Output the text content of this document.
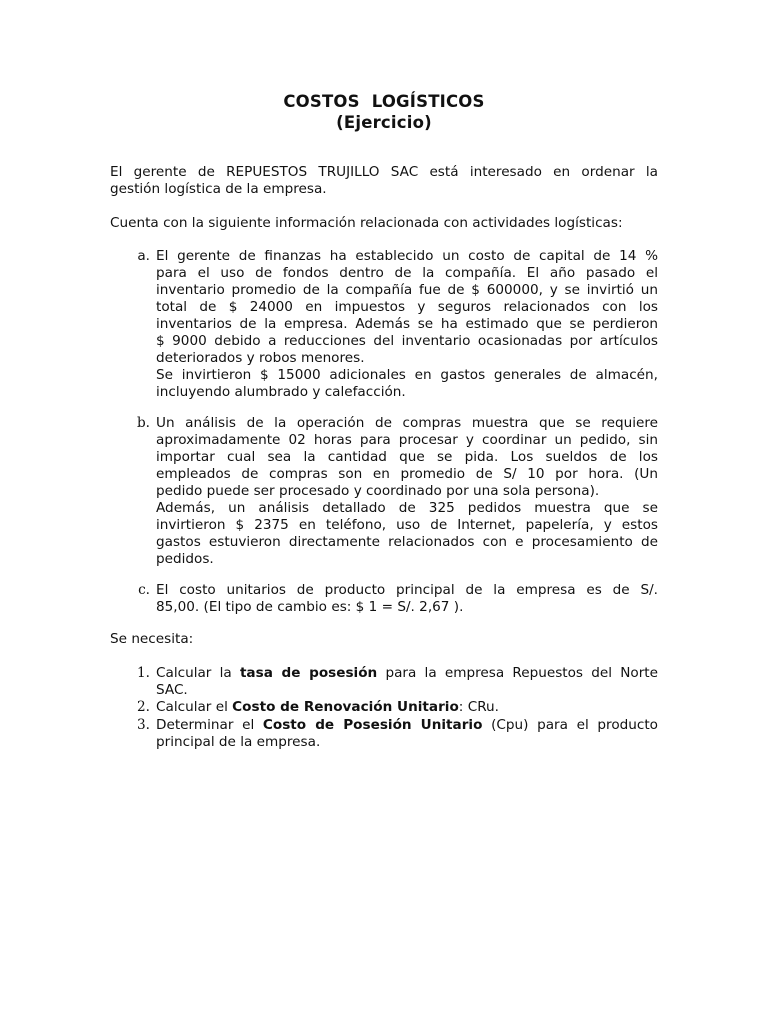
COSTOS LOGÍSTICOS
(Ejercicio)
El gerente de REPUESTOS TRUJILLO SAC está interesado en ordenar la
gestión logística de la empresa.
Cuenta con la siguiente información relacionada con actividades logísticas:
a. El gerente de finanzas ha establecido un costo de capital de 14 %
para el uso de fondos dentro de la compañía. El año pasado el
inventario promedio de la compañía fue de $ 600000, y se invirtió un
total de $ 24000 en impuestos y seguros relacionados con los
inventarios de la empresa. Además se ha estimado que se perdieron
$ 9000 debido a reducciones del inventario ocasionadas por artículos
deteriorados y robos menores.
Se invirtieron $ 15000 adicionales en gastos generales de almacén,
incluyendo alumbrado y calefacción.
b. Un análisis de la operación de compras muestra que se requiere
aproximadamente 02 horas para procesar y coordinar un pedido, sin
importar cual sea la cantidad que se pida. Los sueldos de los
empleados de compras son en promedio de S/ 10 por hora. (Un
pedido puede ser procesado y coordinado por una sola persona).
Además, un análisis detallado de 325 pedidos muestra que se
invirtieron $ 2375 en teléfono, uso de Internet, papelería, y estos
gastos estuvieron directamente relacionados con e procesamiento de
pedidos.
c. El costo unitarios de producto principal de la empresa es de S/.
85,00. (El tipo de cambio es: $ 1 = S/. 2,67 ).
Se necesita:
1. Calcular la tasa de posesión para la empresa Repuestos del Norte
SAC.
2. Calcular el Costo de Renovación Unitario: CRu.
3. Determinar el Costo de Posesión Unitario (Cpu) para el producto
principal de la empresa.
